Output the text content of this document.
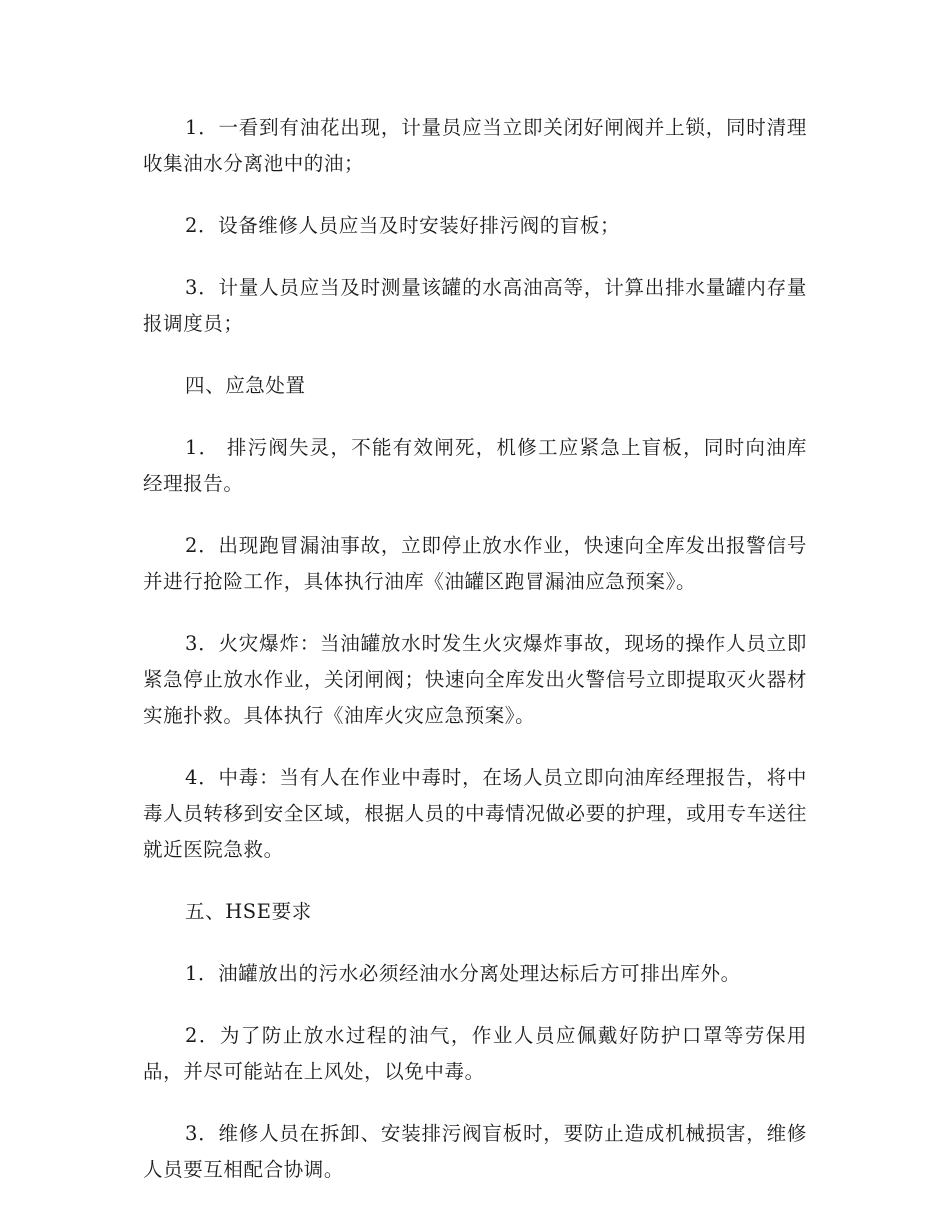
1．一看到有油花出现，计量员应当立即关闭好闸阀并上锁，同时清理收集油水分离池中的油；

2．设备维修人员应当及时安装好排污阀的盲板；

3．计量人员应当及时测量该罐的水高油高等，计算出排水量罐内存量报调度员；

四、应急处置

1． 排污阀失灵，不能有效闸死，机修工应紧急上盲板，同时向油库经理报告。

2．出现跑冒漏油事故，立即停止放水作业，快速向全库发出报警信号并进行抢险工作，具体执行油库《油罐区跑冒漏油应急预案》。

3．火灾爆炸：当油罐放水时发生火灾爆炸事故，现场的操作人员立即紧急停止放水作业，关闭闸阀；快速向全库发出火警信号立即提取灭火器材实施扑救。具体执行《油库火灾应急预案》。

4．中毒：当有人在作业中毒时，在场人员立即向油库经理报告，将中毒人员转移到安全区域，根据人员的中毒情况做必要的护理，或用专车送往就近医院急救。

五、HSE要求

1．油罐放出的污水必须经油水分离处理达标后方可排出库外。

2．为了防止放水过程的油气，作业人员应佩戴好防护口罩等劳保用品，并尽可能站在上风处，以免中毒。

3．维修人员在拆卸、安装排污阀盲板时，要防止造成机械损害，维修人员要互相配合协调。
